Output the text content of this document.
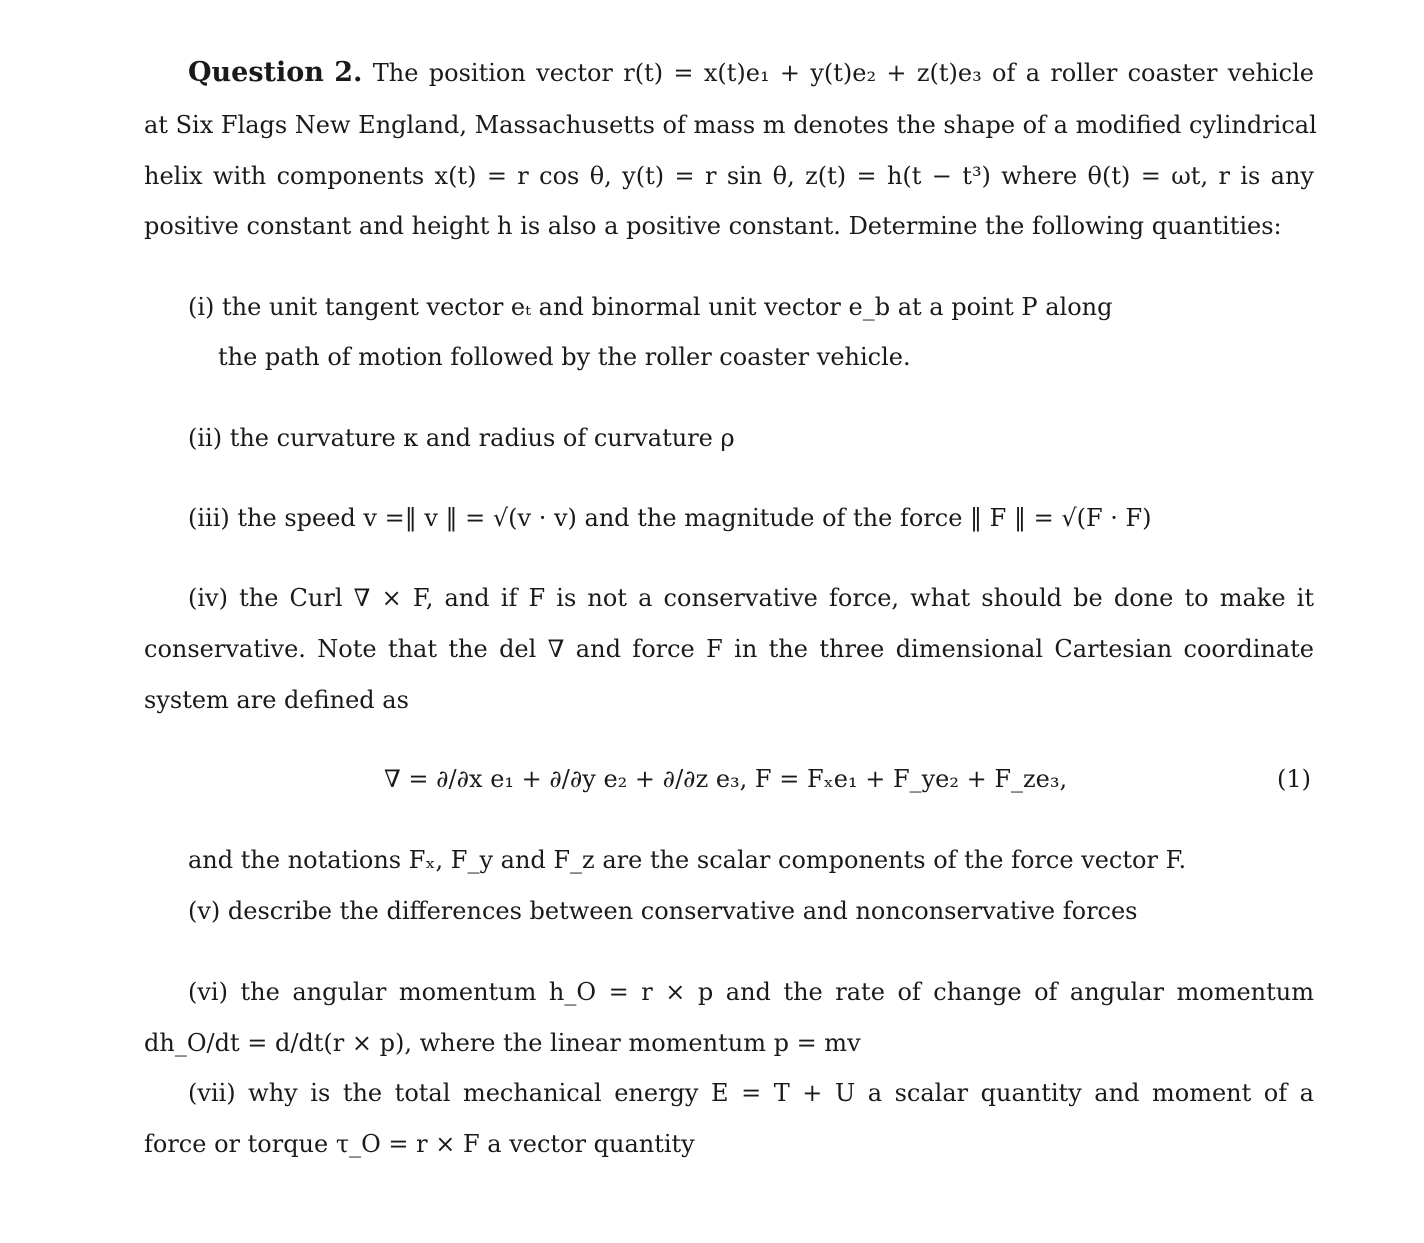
Question 2. The position vector r(t) = x(t)e₁ + y(t)e₂ + z(t)e₃ of a roller coaster vehicle
at Six Flags New England, Massachusetts of mass m denotes the shape of a modified cylindrical
helix with components x(t) = r cos θ, y(t) = r sin θ, z(t) = h(t − t³) where θ(t) = ωt, r is any
positive constant and height h is also a positive constant. Determine the following quantities:
(i) the unit tangent vector eₜ and binormal unit vector e_b at a point P along
the path of motion followed by the roller coaster vehicle.
(ii) the curvature κ and radius of curvature ρ
(iii) the speed v =‖ v ‖ = √(v · v) and the magnitude of the force ‖ F ‖ = √(F · F)
(iv) the Curl ∇ × F, and if F is not a conservative force, what should be done to make it
conservative. Note that the del ∇ and force F in the three dimensional Cartesian coordinate
system are defined as
∇ = ∂/∂x e₁ + ∂/∂y e₂ + ∂/∂z e₃, F = Fₓe₁ + F_ye₂ + F_ze₃,	(1)
and the notations Fₓ, F_y and F_z are the scalar components of the force vector F.
(v) describe the differences between conservative and nonconservative forces
(vi) the angular momentum h_O = r × p and the rate of change of angular momentum
dh_O/dt = d/dt(r × p), where the linear momentum p = mv
(vii) why is the total mechanical energy E = T + U a scalar quantity and moment of a
force or torque τ_O = r × F a vector quantity
